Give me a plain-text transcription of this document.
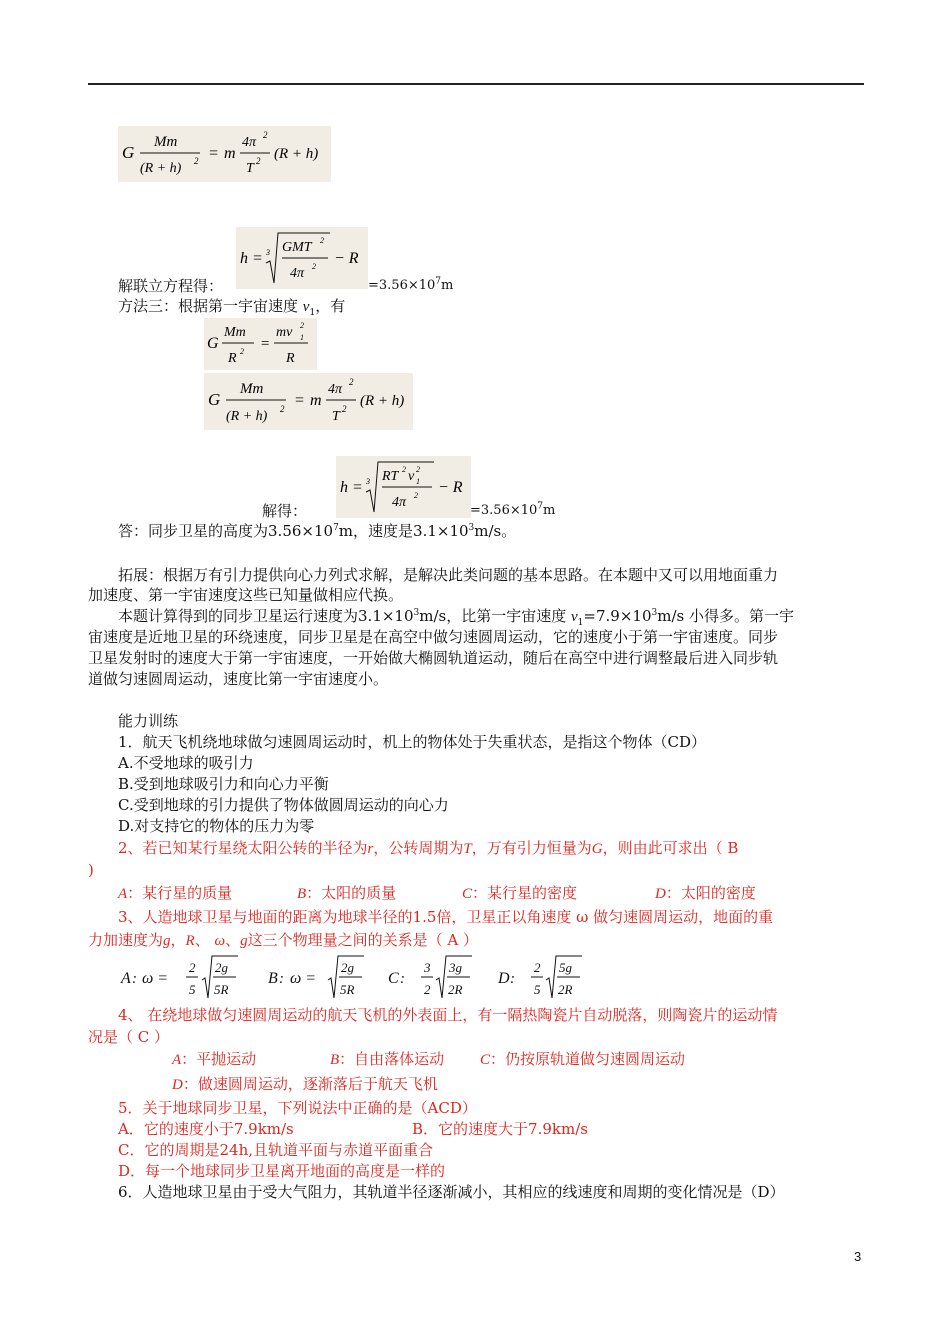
G
Mm
(R + h) 2 = m
4π 2
T 2 (R + h)
h = 3 GMT 2
4π 2 − R
解联立方程得：	$=3.56\times 10^7m$
方法三：根据第一宇宙速度 $v_1$，有
G
Mm
R 2 =
mv 2
1
R
G
Mm
(R + h) 2 = m
4π 2
T 2 (R + h)
h = 3 RT 2 v 2
1
4π 2 − R
解得：	$=3.56\times 10^7m$
答：同步卫星的高度为$3.56\times 10^7m$，速度是$3.1\times 10^3m/s$。
拓展：根据万有引力提供向心力列式求解，是解决此类问题的基本思路。在本题中又可以用地面重力
加速度、第一宇宙速度这些已知量做相应代换。
本题计算得到的同步卫星运行速度为$3.1\times 10^3m/s$，比第一宇宙速度 $v_1=7.9\times 10^3m/s$ 小得多。第一宇
宙速度是近地卫星的环绕速度，同步卫星是在高空中做匀速圆周运动，它的速度小于第一宇宙速度。同步
卫星发射时的速度大于第一宇宙速度，一开始做大椭圆轨道运动，随后在高空中进行调整最后进入同步轨
道做匀速圆周运动，速度比第一宇宙速度小。
能力训练
1．航天飞机绕地球做匀速圆周运动时，机上的物体处于失重状态，是指这个物体（CD）
A.不受地球的吸引力
B.受到地球吸引力和向心力平衡
C.受到地球的引力提供了物体做圆周运动的向心力
D.对支持它的物体的压力为零
2、若已知某行星绕太阳公转的半径为r，公转周期为T，万有引力恒量为G，则由此可求出（ B
)
A：某行星的质量	B：太阳的质量	C：某行星的密度	D：太阳的密度
3、人造地球卫星与地面的距离为地球半径的1.5倍，卫星正以角速度 ω 做匀速圆周运动，地面的重
力加速度为g，R、 ω、g这三个物理量之间的关系是（ A ）
A : ω =
2
5
2g
5R
B : ω =
2g
5R
C :
3
2
3g
2R
D :
2
5
5g
2R
4、 在绕地球做匀速圆周运动的航天飞机的外表面上，有一隔热陶瓷片自动脱落，则陶瓷片的运动情
况是（ C ）
A：平抛运动	B：自由落体运动 C：仍按原轨道做匀速圆周运动
D：做速圆周运动，逐渐落后于航天飞机
5．关于地球同步卫星，下列说法中正确的是（ACD）
A．它的速度小于7.9km/s	B．它的速度大于7.9km/s
C．它的周期是24h,且轨道平面与赤道平面重合
D．每一个地球同步卫星离开地面的高度是一样的
6．人造地球卫星由于受大气阻力，其轨道半径逐渐减小，其相应的线速度和周期的变化情况是（D）
3
